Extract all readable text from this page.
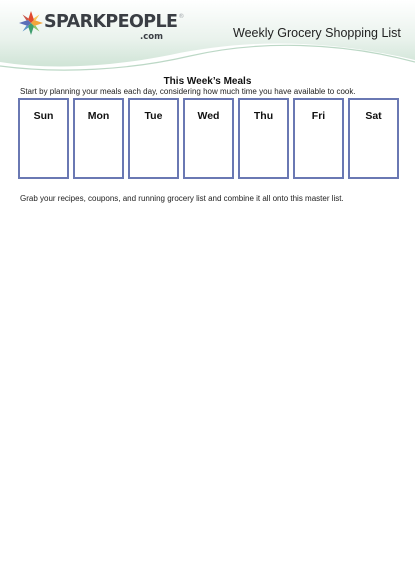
SPARKPEOPLE®
.com	Weekly Grocery Shopping List
This Week’s Meals
Start by planning your meals each day, considering how much time you have available to cook.
Sun	Mon	Tue	Wed	Thu	Fri	Sat
Grab your recipes, coupons, and running grocery list and combine it all onto this master list.
